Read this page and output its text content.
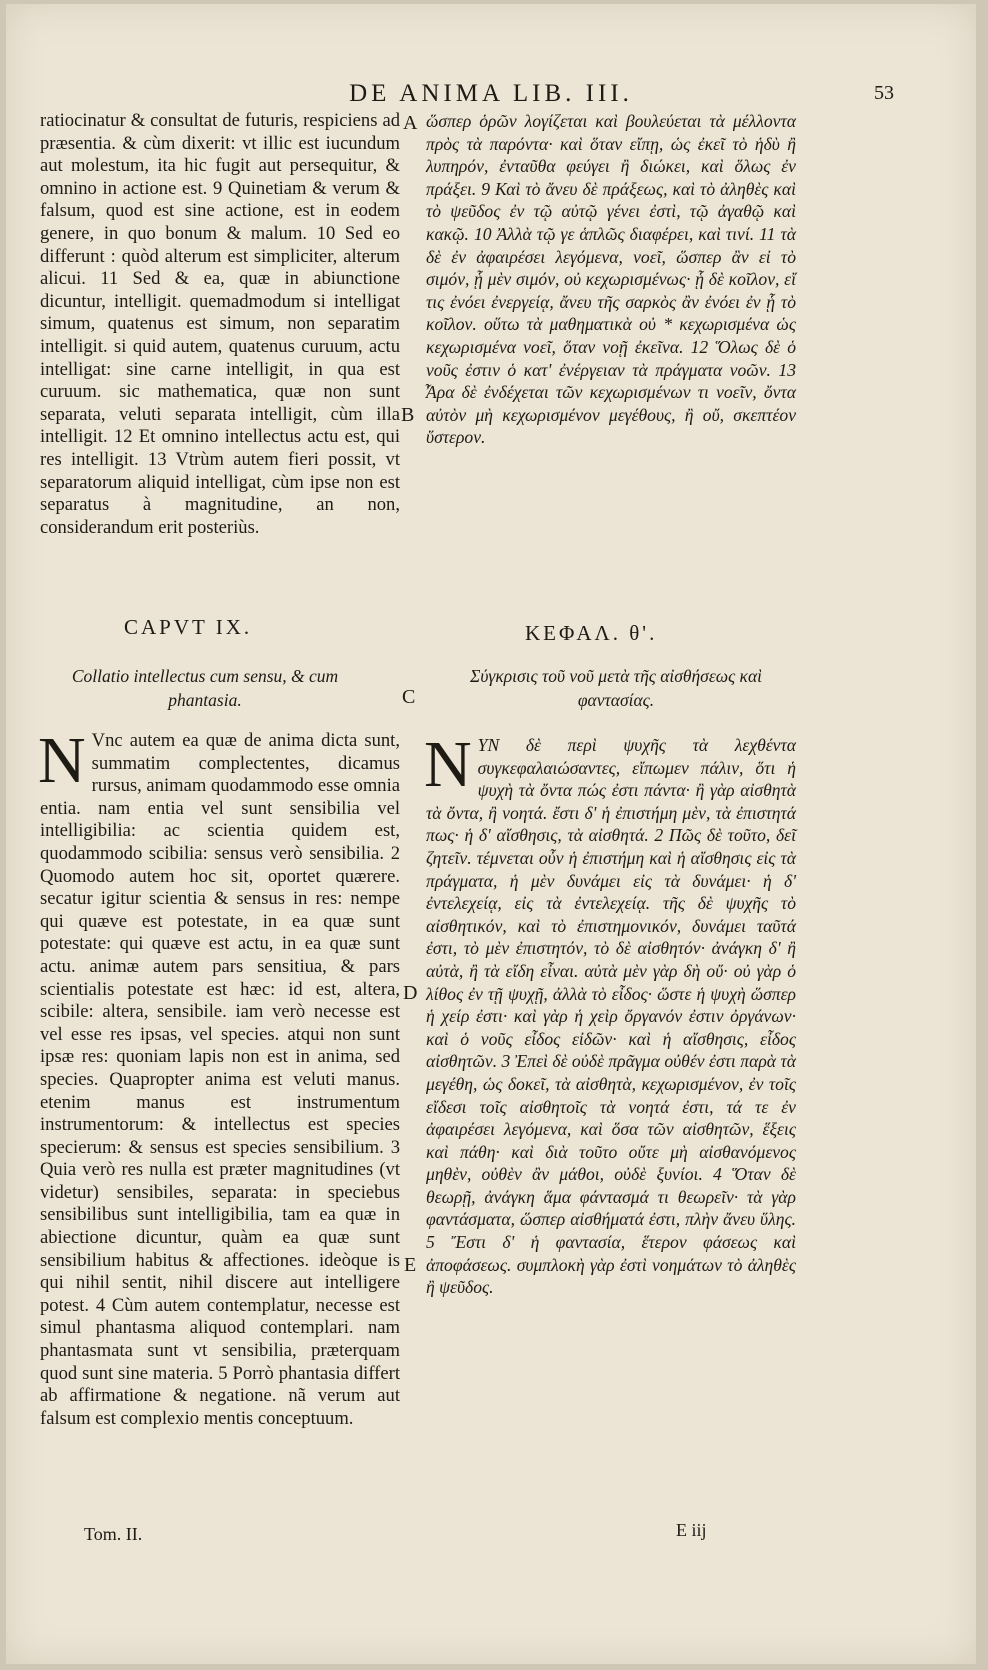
DE ANIMA LIB. III.	53

ratiocinatur & consultat de futuris, respiciens ad præsentia. & cùm dixerit: vt illic est iucundum aut molestum, ita hic fugit aut persequitur, & omnino in actione est. 9 Quinetiam & verum & falsum, quod est sine actione, est in eodem genere, in quo bonum & malum. 10 Sed eo differunt : quòd alterum est simpliciter, alterum alicui. 11 Sed & ea, quæ in abiunctione dicuntur, intelligit. quemadmodum si intelligat simum, quatenus est simum, non separatim intelligit. si quid autem, quatenus curuum, actu intelligat: sine carne intelligit, in qua est curuum. sic mathematica, quæ non sunt separata, veluti separata intelligit, cùm illa intelligit. 12 Et omnino intellectus actu est, qui res intelligit. 13 Vtrùm autem fieri possit, vt separatorum aliquid intelligat, cùm ipse non est separatus à magnitudine, an non, considerandum erit posteriùs.

ὥσπερ ὁρῶν λογίζεται καὶ βουλεύεται τὰ μέλλοντα πρὸς τὰ παρόντα· καὶ ὅταν εἴπῃ, ὡς ἐκεῖ τὸ ἡδὺ ἢ λυπηρόν, ἐνταῦθα φεύγει ἢ διώκει, καὶ ὅλως ἐν πράξει. 9 Καὶ τὸ ἄνευ δὲ πράξεως, καὶ τὸ ἀληθὲς καὶ τὸ ψεῦδος ἐν τῷ αὐτῷ γένει ἐστὶ, τῷ ἀγαθῷ καὶ κακῷ. 10 Ἀλλὰ τῷ γε ἁπλῶς διαφέρει, καὶ τινί. 11 τὰ δὲ ἐν ἀφαιρέσει λεγόμενα, νοεῖ, ὥσπερ ἂν εἰ τὸ σιμόν, ᾗ μὲν σιμόν, οὐ κεχωρισμένως· ᾗ δὲ κοῖλον, εἴ τις ἐνόει ἐνεργείᾳ, ἄνευ τῆς σαρκὸς ἂν ἐνόει ἐν ᾗ τὸ κοῖλον. οὕτω τὰ μαθηματικὰ οὐ * κεχωρισμένα ὡς κεχωρισμένα νοεῖ, ὅταν νοῇ ἐκεῖνα. 12 Ὅλως δὲ ὁ νοῦς ἐστιν ὁ κατ' ἐνέργειαν τὰ πράγματα νοῶν. 13 Ἆρα δὲ ἐνδέχεται τῶν κεχωρισμένων τι νοεῖν, ὄντα αὐτὸν μὴ κεχωρισμένον μεγέθους, ἢ οὔ, σκεπτέον ὕστερον.

A
B
C
D
E
CAPVT IX.	ΚΕΦΑΛ. θ'.
Collatio intellectus cum sensu, & cum phantasia.
Σύγκρισις τοῦ νοῦ μετὰ τῆς αἰσθήσεως καὶ φαντασίας.
N Vnc autem ea quæ de anima dicta sunt, summatim complectentes, dicamus rursus, animam quodammodo esse omnia entia. nam entia vel sunt sensibilia vel intelligibilia: ac scientia quidem est, quodammodo scibilia: sensus verò sensibilia. 2 Quomodo autem hoc sit, oportet quærere. secatur igitur scientia & sensus in res: nempe qui quæve est potestate, in ea quæ sunt potestate: qui quæve est actu, in ea quæ sunt actu. animæ autem pars sensitiua, & pars scientialis potestate est hæc: id est, altera, scibile: altera, sensibile. iam verò necesse est vel esse res ipsas, vel species. atqui non sunt ipsæ res: quoniam lapis non est in anima, sed species. Quapropter anima est veluti manus. etenim manus est instrumentum instrumentorum: & intellectus est species specierum: & sensus est species sensibilium. 3 Quia verò res nulla est præter magnitudines (vt videtur) sensibiles, separata: in speciebus sensibilibus sunt intelligibilia, tam ea quæ in abiectione dicuntur, quàm ea quæ sunt sensibilium habitus & affectiones. ideòque is qui nihil sentit, nihil discere aut intelligere potest. 4 Cùm autem contemplatur, necesse est simul phantasma aliquod contemplari. nam phantasmata sunt vt sensibilia, præterquam quod sunt sine materia. 5 Porrò phantasia differt ab affirmatione & negatione. nã verum aut falsum est complexio mentis conceptuum.

N ΥΝ δὲ περὶ ψυχῆς τὰ λεχθέντα συγκεφαλαιώσαντες, εἴπωμεν πάλιν, ὅτι ἡ ψυχὴ τὰ ὄντα πώς ἐστι πάντα· ἢ γὰρ αἰσθητὰ τὰ ὄντα, ἢ νοητά. ἔστι δ' ἡ ἐπιστήμη μὲν, τὰ ἐπιστητά πως· ἡ δ' αἴσθησις, τὰ αἰσθητά. 2 Πῶς δὲ τοῦτο, δεῖ ζητεῖν. τέμνεται οὖν ἡ ἐπιστήμη καὶ ἡ αἴσθησις εἰς τὰ πράγματα, ἡ μὲν δυνάμει εἰς τὰ δυνάμει· ἡ δ' ἐντελεχείᾳ, εἰς τὰ ἐντελεχείᾳ. τῆς δὲ ψυχῆς τὸ αἰσθητικόν, καὶ τὸ ἐπιστημονικόν, δυνάμει ταῦτά ἐστι, τὸ μὲν ἐπιστητόν, τὸ δὲ αἰσθητόν· ἀνάγκη δ' ἢ αὐτὰ, ἢ τὰ εἴδη εἶναι. αὐτὰ μὲν γὰρ δὴ οὔ· οὐ γὰρ ὁ λίθος ἐν τῇ ψυχῇ, ἀλλὰ τὸ εἶδος· ὥστε ἡ ψυχὴ ὥσπερ ἡ χείρ ἐστι· καὶ γὰρ ἡ χεὶρ ὄργανόν ἐστιν ὀργάνων· καὶ ὁ νοῦς εἶδος εἰδῶν· καὶ ἡ αἴσθησις, εἶδος αἰσθητῶν. 3 Ἐπεὶ δὲ οὐδὲ πρᾶγμα οὐθέν ἐστι παρὰ τὰ μεγέθη, ὡς δοκεῖ, τὰ αἰσθητὰ, κεχωρισμένον, ἐν τοῖς εἴδεσι τοῖς αἰσθητοῖς τὰ νοητά ἐστι, τά τε ἐν ἀφαιρέσει λεγόμενα, καὶ ὅσα τῶν αἰσθητῶν, ἕξεις καὶ πάθη· καὶ διὰ τοῦτο οὔτε μὴ αἰσθανόμενος μηθὲν, οὐθὲν ἂν μάθοι, οὐδὲ ξυνίοι. 4 Ὅταν δὲ θεωρῇ, ἀνάγκη ἅμα φάντασμά τι θεωρεῖν· τὰ γὰρ φαντάσματα, ὥσπερ αἰσθήματά ἐστι, πλὴν ἄνευ ὕλης. 5 Ἔστι δ' ἡ φαντασία, ἕτερον φάσεως καὶ ἀποφάσεως. συμπλοκὴ γὰρ ἐστὶ νοημάτων τὸ ἀληθὲς ἢ ψεῦδος.

Tom. II.	E iij
